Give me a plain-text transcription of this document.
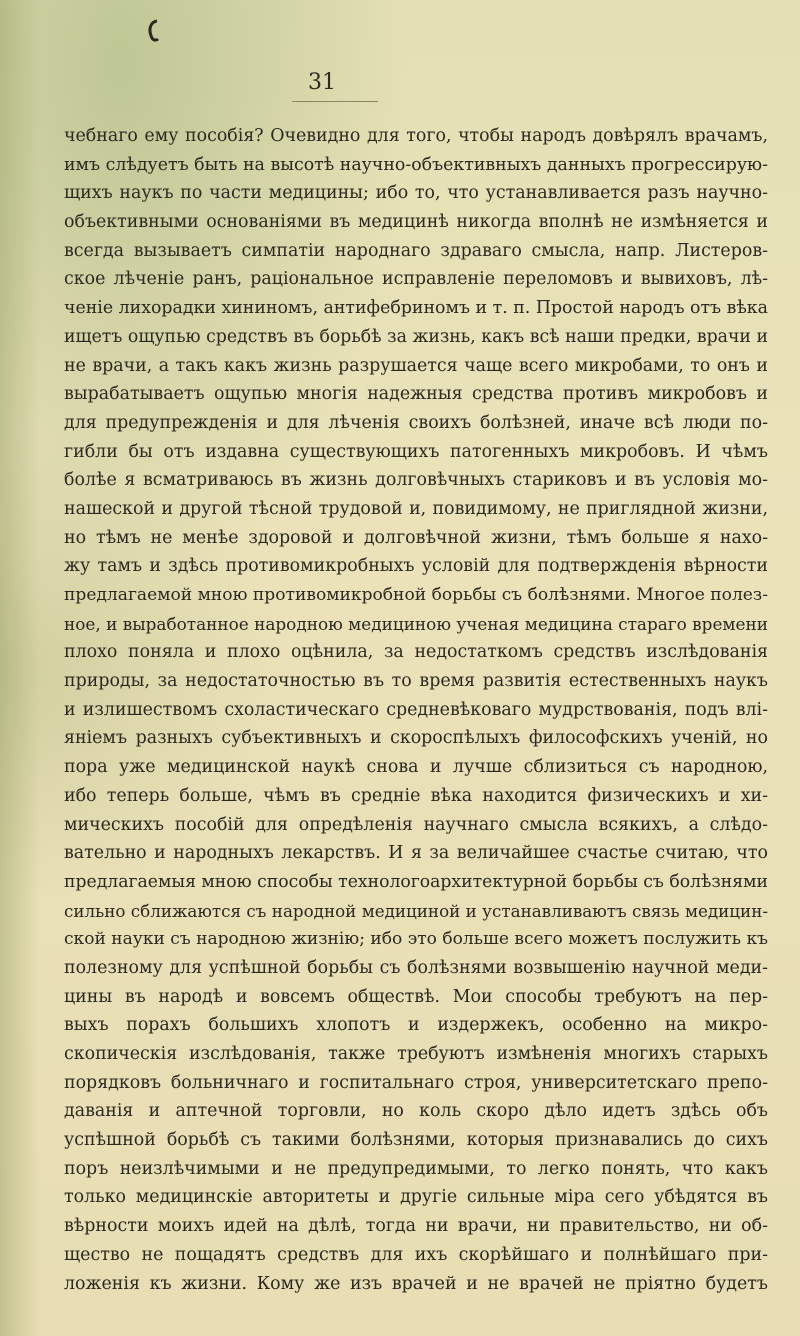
31
чебнаго ему пособія? Очевидно для того, чтобы народъ довѣрялъ врачамъ,
имъ слѣдуетъ быть на высотѣ научно-объективныхъ данныхъ прогрессирую-
щихъ наукъ по части медицины; ибо то, что устанавливается разъ научно-
объективными основаніями въ медицинѣ никогда вполнѣ не измѣняется и
всегда вызываетъ симпатіи народнаго здраваго смысла, напр. Листеров-
ское лѣченіе ранъ, раціональное исправленіе переломовъ и вывиховъ, лѣ-
ченіе лихорадки хининомъ, антифебриномъ и т. п. Простой народъ отъ вѣка
ищетъ ощупью средствъ въ борьбѣ за жизнь, какъ всѣ наши предки, врачи и
не врачи, а такъ какъ жизнь разрушается чаще всего микробами, то онъ и
вырабатываетъ ощупью многія надежныя средства противъ микробовъ и
для предупрежденія и для лѣченія своихъ болѣзней, иначе всѣ люди по-
гибли бы отъ издавна существующихъ патогенныхъ микробовъ. И чѣмъ
болѣе я всматриваюсь въ жизнь долговѣчныхъ стариковъ и въ условія мо-
нашеской и другой тѣсной трудовой и, повидимому, не приглядной жизни,
но тѣмъ не менѣе здоровой и долговѣчной жизни, тѣмъ больше я нахо-
жу тамъ и здѣсь противомикробныхъ условій для подтвержденія вѣрности
предлагаемой мною противомикробной борьбы съ болѣзнями. Многое полез-
ное, и выработанное народною медициною ученая медицина стараго времени
плохо поняла и плохо оцѣнила, за недостаткомъ средствъ изслѣдованія
природы, за недостаточностью въ то время развитія естественныхъ наукъ
и излишествомъ схоластическаго средневѣковаго мудрствованія, подъ влі-
яніемъ разныхъ субъективныхъ и скороспѣлыхъ философскихъ ученій, но
пора уже медицинской наукѣ снова и лучше сблизиться съ народною,
ибо теперь больше, чѣмъ въ средніе вѣка находится физическихъ и хи-
мическихъ пособій для опредѣленія научнаго смысла всякихъ, а слѣдо-
вательно и народныхъ лекарствъ. И я за величайшее счастье считаю, что
предлагаемыя мною способы технологоархитектурной борьбы съ болѣзнями
сильно сближаются съ народной медициной и устанавливаютъ связь медицин-
ской науки съ народною жизнію; ибо это больше всего можетъ послужить къ
полезному для успѣшной борьбы съ болѣзнями возвышенію научной меди-
цины въ народѣ и вовсемъ обществѣ. Мои способы требуютъ на пер-
выхъ порахъ большихъ хлопотъ и издержекъ, особенно на микро-
скопическія изслѣдованія, также требуютъ измѣненія многихъ старыхъ
порядковъ больничнаго и госпитальнаго строя, университетскаго препо-
даванія и аптечной торговли, но коль скоро дѣло идетъ здѣсь объ
успѣшной борьбѣ съ такими болѣзнями, которыя признавались до сихъ
поръ неизлѣчимыми и не предупредимыми, то легко понять, что какъ
только медицинскіе авторитеты и другіе сильные міра сего убѣдятся въ
вѣрности моихъ идей на дѣлѣ, тогда ни врачи, ни правительство, ни об-
щество не пощадятъ средствъ для ихъ скорѣйшаго и полнѣйшаго при-
ложенія къ жизни. Кому же изъ врачей и не врачей не пріятно будетъ
